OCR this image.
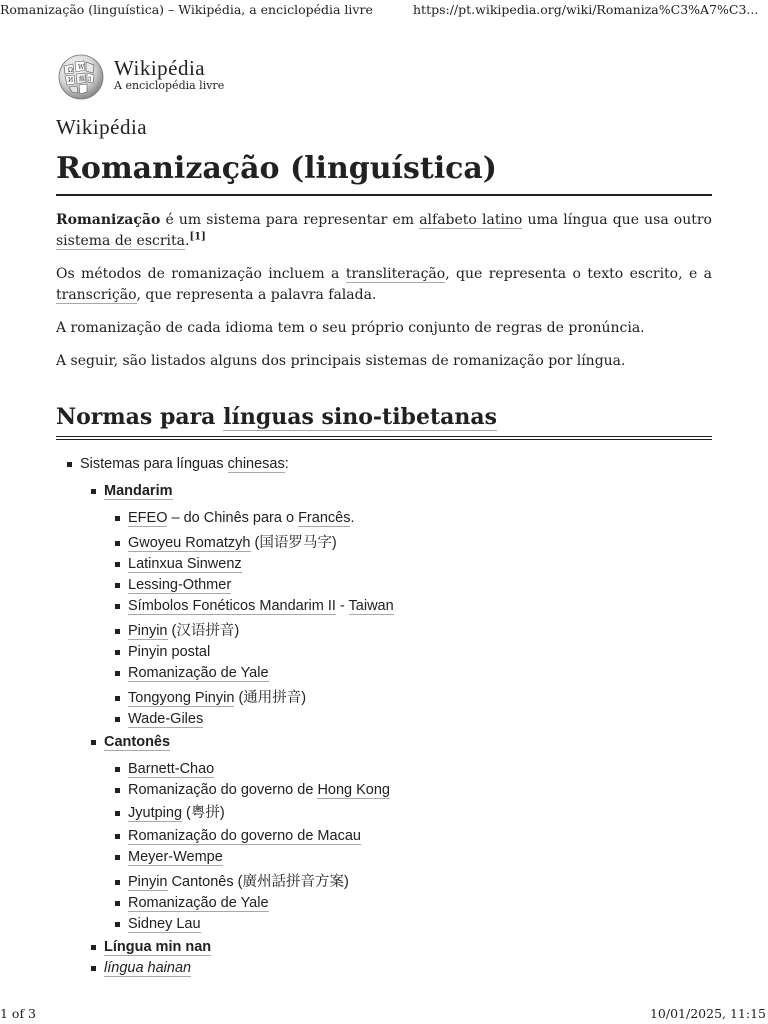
Romanização (linguística) – Wikipédia, a enciclopédia livre	https://pt.wikipedia.org/wiki/Romaniza%C3%A7%C3...
Ω W
И 維 ვ Wikipédia
A enciclopédia livre
Wikipédia
Romanização (linguística)

Romanização é um sistema para representar em alfabeto latino uma língua que usa outro sistema de escrita.[1]

Os métodos de romanização incluem a transliteração, que representa o texto escrito, e a transcrição, que representa a palavra falada.

A romanização de cada idioma tem o seu próprio conjunto de regras de pronúncia.

A seguir, são listados alguns dos principais sistemas de romanização por língua.

Normas para línguas sino-tibetanas
Sistemas para línguas chinesas:
Mandarim
EFEO – do Chinês para o Francês.
Gwoyeu Romatzyh (国语罗马字)
Latinxua Sinwenz
Lessing-Othmer
Símbolos Fonéticos Mandarim II - Taiwan
Pinyin (汉语拼音)
Pinyin postal
Romanização de Yale
Tongyong Pinyin (通用拼音)
Wade-Giles
Cantonês
Barnett-Chao
Romanização do governo de Hong Kong
Jyutping (粤拼)
Romanização do governo de Macau
Meyer-Wempe
Pinyin Cantonês (廣州話拼音方案)
Romanização de Yale
Sidney Lau
Língua min nan
língua hainan
1 of 3	10/01/2025, 11:15
